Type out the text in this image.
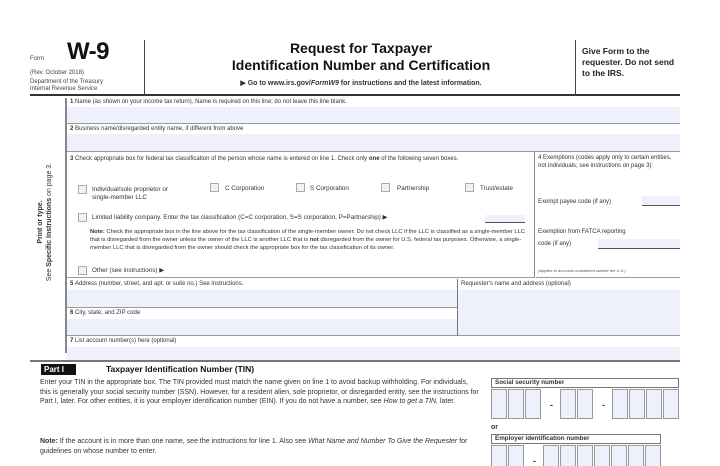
Form W-9
(Rev. October 2018)
Department of the Treasury
Internal Revenue Service
Request for Taxpayer
Identification Number and Certification
▶ Go to www.irs.gov/FormW9 for instructions and the latest information.
Give Form to the requester. Do not send to the IRS.
Print or type.
See Specific Instructions on page 3.
1 Name (as shown on your income tax return). Name is required on this line; do not leave this line blank.
2 Business name/disregarded entity name, if different from above
3 Check appropriate box for federal tax classification of the person whose name is entered on line 1. Check only one of the following seven boxes.
Individual/sole proprietor or single-member LLC
C Corporation	S Corporation	Partnership	Trust/estate
Limited liability company. Enter the tax classification (C=C corporation, S=S corporation, P=Partnership) ▶
Note: Check the appropriate box in the line above for the tax classification of the single-member owner. Do not check LLC if the LLC is classified as a single-member LLC that is disregarded from the owner unless the owner of the LLC is another LLC that is not disregarded from the owner for U.S. federal tax purposes. Otherwise, a single-member LLC that is disregarded from the owner should check the appropriate box for the tax classification of its owner.
Other (see instructions) ▶
4 Exemptions (codes apply only to certain entities, not individuals; see instructions on page 3):
Exempt payee code (if any)
Exemption from FATCA reporting
code (if any)
(Applies to accounts maintained outside the U.S.)
5 Address (number, street, and apt. or suite no.) See instructions.
6 City, state, and ZIP code
Requester's name and address (optional)
7 List account number(s) here (optional)
Part I	Taxpayer Identification Number (TIN)
Enter your TIN in the appropriate box. The TIN provided must match the name given on line 1 to avoid backup withholding. For individuals, this is generally your social security number (SSN). However, for a resident alien, sole proprietor, or disregarded entity, see the instructions for Part I, later. For other entities, it is your employer identification number (EIN). If you do not have a number, see How to get a TIN, later.
Note: If the account is in more than one name, see the instructions for line 1. Also see What Name and Number To Give the Requester for guidelines on whose number to enter.
Social security number
-	-
or
Employer identification number
-
